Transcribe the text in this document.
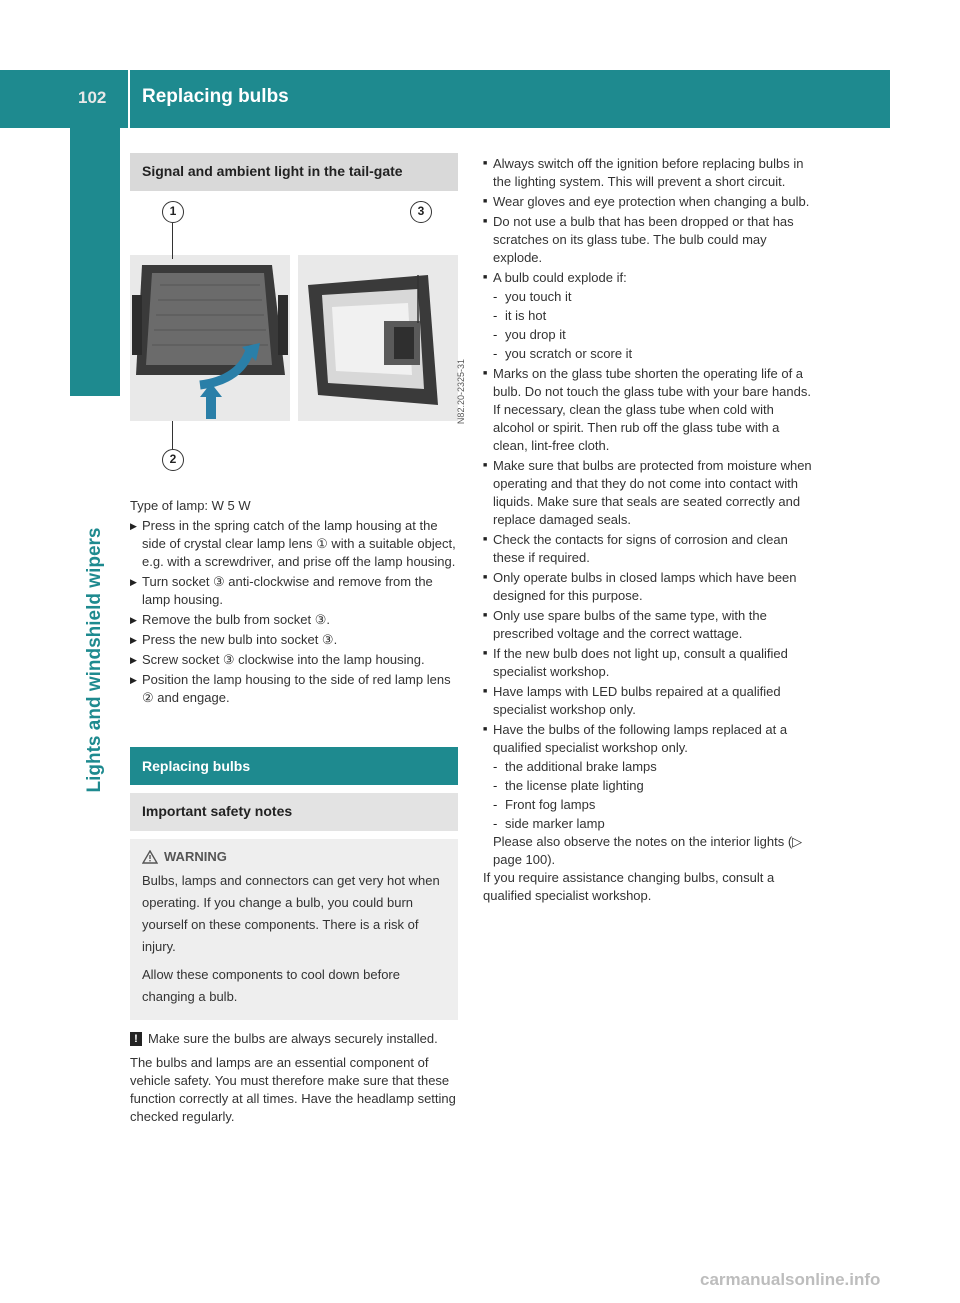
102 Replacing bulbs
Lights and windshield wipers
Signal and ambient light in the tail-gate
1
2
3
N82.20-2325-31

Type of lamp: W 5 W

▶ Press in the spring catch of the lamp housing at the side of crystal clear lamp lens ① with a suitable object, e.g. with a screwdriver, and prise off the lamp housing.
▶ Turn socket ③ anti-clockwise and remove from the lamp housing.
▶ Remove the bulb from socket ③.
▶ Press the new bulb into socket ③.
▶ Screw socket ③ clockwise into the lamp housing.
▶ Position the lamp housing to the side of red lamp lens ② and engage.
Replacing bulbs
Important safety notes
WARNING

Bulbs, lamps and connectors can get very hot when operating. If you change a bulb, you could burn yourself on these components. There is a risk of injury.

Allow these components to cool down before changing a bulb.

! Make sure the bulbs are always securely installed.

The bulbs and lamps are an essential component of vehicle safety. You must therefore make sure that these function correctly at all times. Have the headlamp setting checked regularly.

■ Always switch off the ignition before replacing bulbs in the lighting system. This will prevent a short circuit.
■ Wear gloves and eye protection when changing a bulb.
■ Do not use a bulb that has been dropped or that has scratches on its glass tube. The bulb could may explode.
■ A bulb could explode if:
- you touch it
- it is hot
- you drop it
- you scratch or score it
■ Marks on the glass tube shorten the operating life of a bulb. Do not touch the glass tube with your bare hands. If necessary, clean the glass tube when cold with alcohol or spirit. Then rub off the glass tube with a clean, lint-free cloth.
■ Make sure that bulbs are protected from moisture when operating and that they do not come into contact with liquids. Make sure that seals are seated correctly and replace damaged seals.
■ Check the contacts for signs of corrosion and clean these if required.
■ Only operate bulbs in closed lamps which have been designed for this purpose.
■ Only use spare bulbs of the same type, with the prescribed voltage and the correct wattage.
■ If the new bulb does not light up, consult a qualified specialist workshop.
■ Have lamps with LED bulbs repaired at a qualified specialist workshop only.
■ Have the bulbs of the following lamps replaced at a qualified specialist workshop only.
- the additional brake lamps
- the license plate lighting
- Front fog lamps
- side marker lamp

Please also observe the notes on the interior lights (▷ page 100).

If you require assistance changing bulbs, consult a qualified specialist workshop.

carmanualsonline.info
